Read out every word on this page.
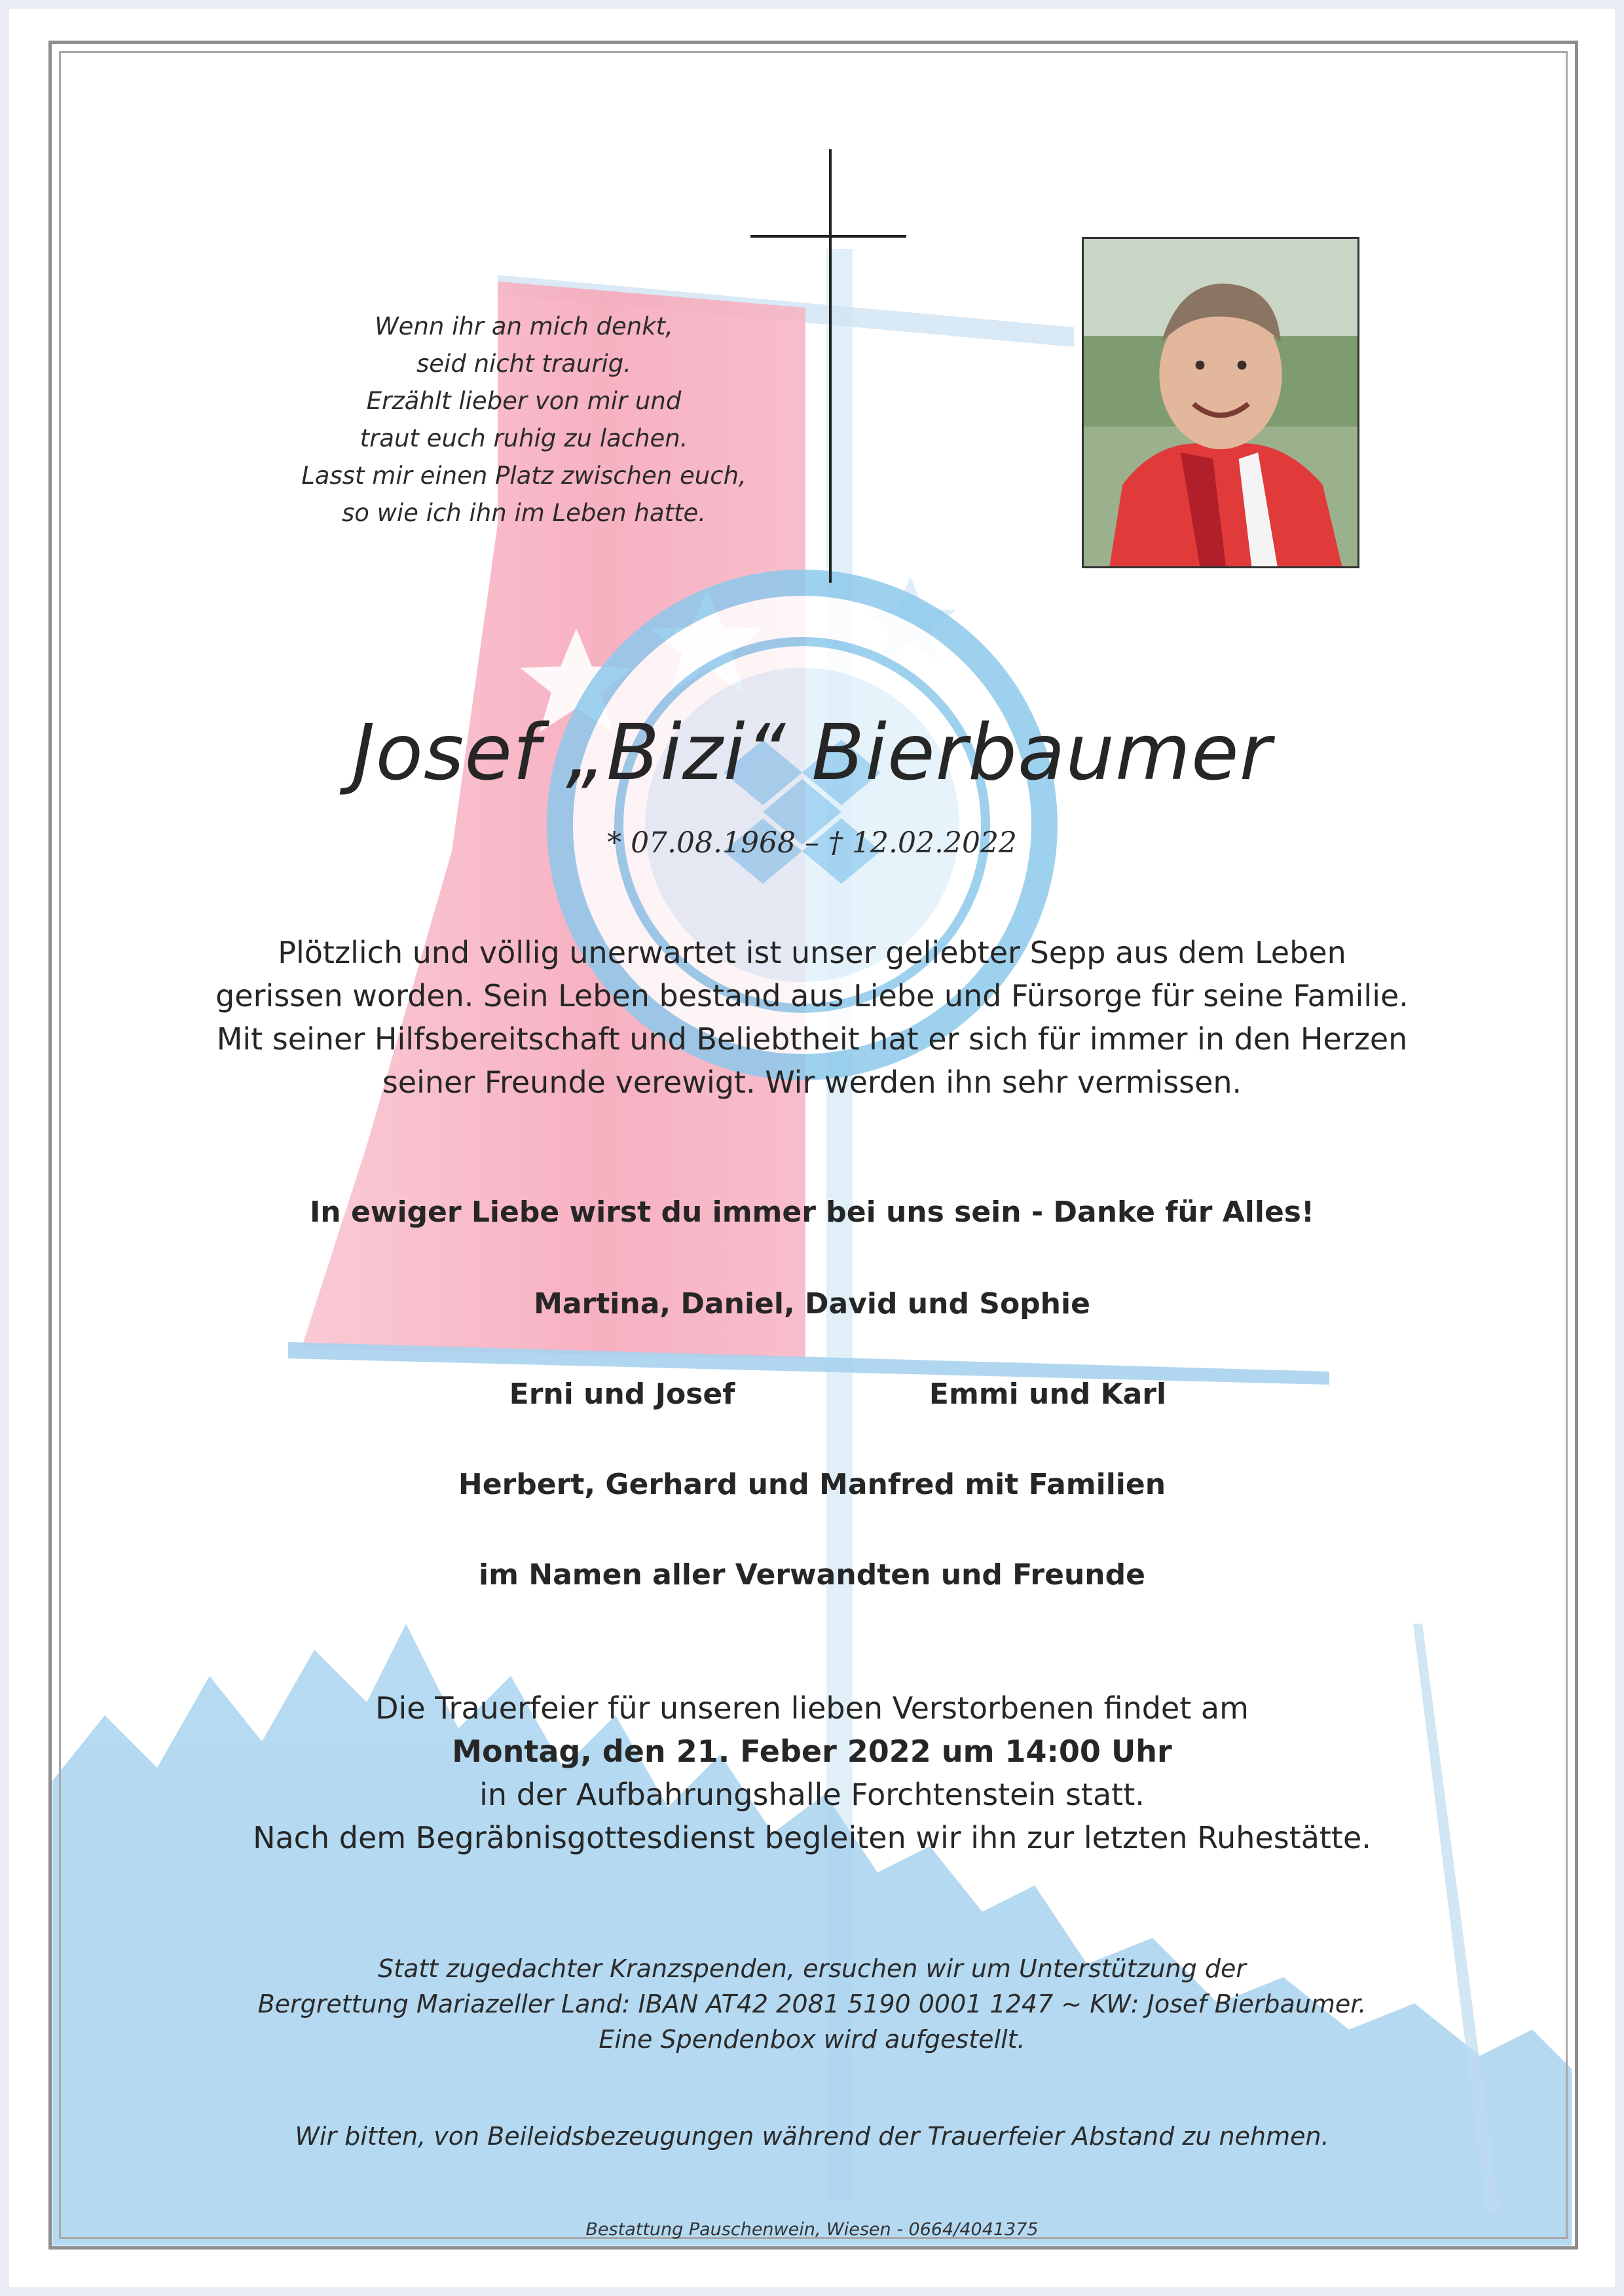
Wenn ihr an mich denkt,
seid nicht traurig.
Erzählt lieber von mir und
traut euch ruhig zu lachen.
Lasst mir einen Platz zwischen euch,
so wie ich ihn im Leben hatte.
Josef „Bizi“ Bierbaumer
* 07.08.1968 – † 12.02.2022
Plötzlich und völlig unerwartet ist unser geliebter Sepp aus dem Leben
gerissen worden. Sein Leben bestand aus Liebe und Fürsorge für seine Familie.
Mit seiner Hilfsbereitschaft und Beliebtheit hat er sich für immer in den Herzen
seiner Freunde verewigt. Wir werden ihn sehr vermissen.
In ewiger Liebe wirst du immer bei uns sein - Danke für Alles!
Martina, Daniel, David und Sophie
Erni und Josef	Emmi und Karl
Herbert, Gerhard und Manfred mit Familien
im Namen aller Verwandten und Freunde
Die Trauerfeier für unseren lieben Verstorbenen findet am
Montag, den 21. Feber 2022 um 14:00 Uhr
in der Aufbahrungshalle Forchtenstein statt.
Nach dem Begräbnisgottesdienst begleiten wir ihn zur letzten Ruhestätte.
Statt zugedachter Kranzspenden, ersuchen wir um Unterstützung der
Bergrettung Mariazeller Land: IBAN AT42 2081 5190 0001 1247 ~ KW: Josef Bierbaumer.
Eine Spendenbox wird aufgestellt.
Wir bitten, von Beileidsbezeugungen während der Trauerfeier Abstand zu nehmen.
Bestattung Pauschenwein, Wiesen - 0664/4041375
